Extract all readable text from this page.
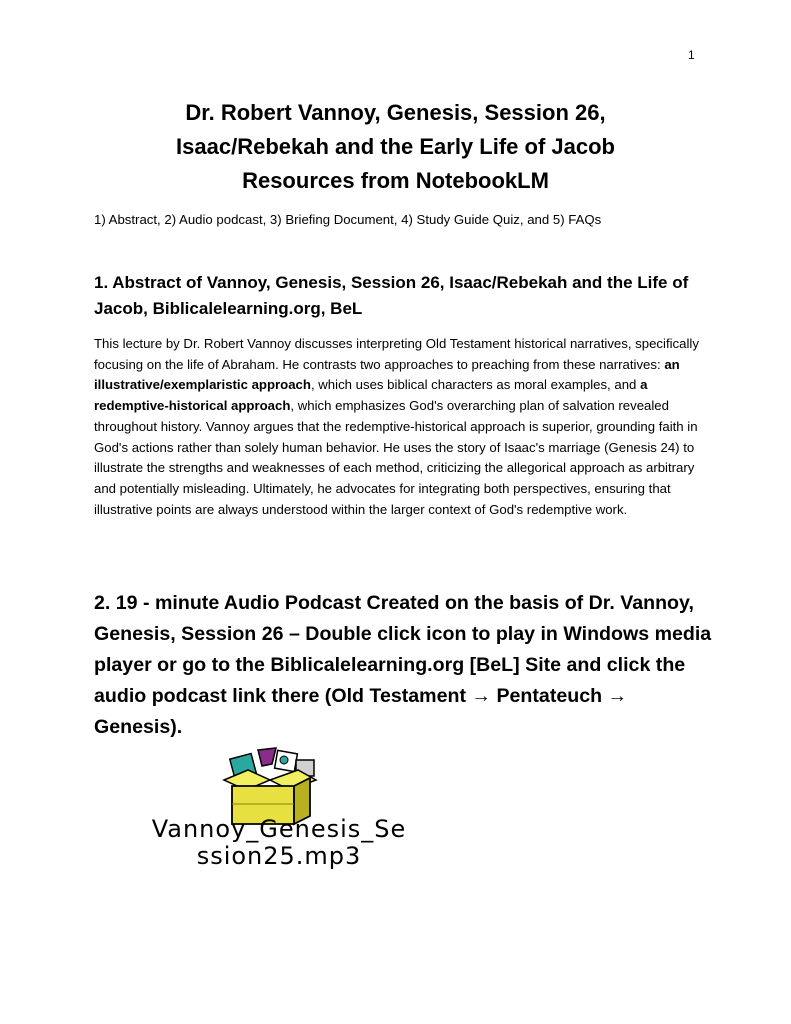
1
Dr. Robert Vannoy, Genesis, Session 26,
Isaac/Rebekah and the Early Life of Jacob
Resources from NotebookLM
1) Abstract, 2) Audio podcast, 3) Briefing Document, 4) Study Guide Quiz, and 5) FAQs
1. Abstract of Vannoy, Genesis, Session 26, Isaac/Rebekah and the Life of Jacob, Biblicalelearning.org, BeL
This lecture by Dr. Robert Vannoy discusses interpreting Old Testament historical narratives, specifically focusing on the life of Abraham. He contrasts two approaches to preaching from these narratives: an illustrative/exemplaristic approach, which uses biblical characters as moral examples, and a redemptive-historical approach, which emphasizes God's overarching plan of salvation revealed throughout history. Vannoy argues that the redemptive-historical approach is superior, grounding faith in God's actions rather than solely human behavior. He uses the story of Isaac's marriage (Genesis 24) to illustrate the strengths and weaknesses of each method, criticizing the allegorical approach as arbitrary and potentially misleading. Ultimately, he advocates for integrating both perspectives, ensuring that illustrative points are always understood within the larger context of God's redemptive work.
2. 19 - minute Audio Podcast Created on the basis of Dr. Vannoy, Genesis, Session 26 – Double click icon to play in Windows media player or go to the Biblicalelearning.org [BeL] Site and click the audio podcast link there (Old Testament → Pentateuch → Genesis).
Vannoy_Genesis_Se
ssion25.mp3
